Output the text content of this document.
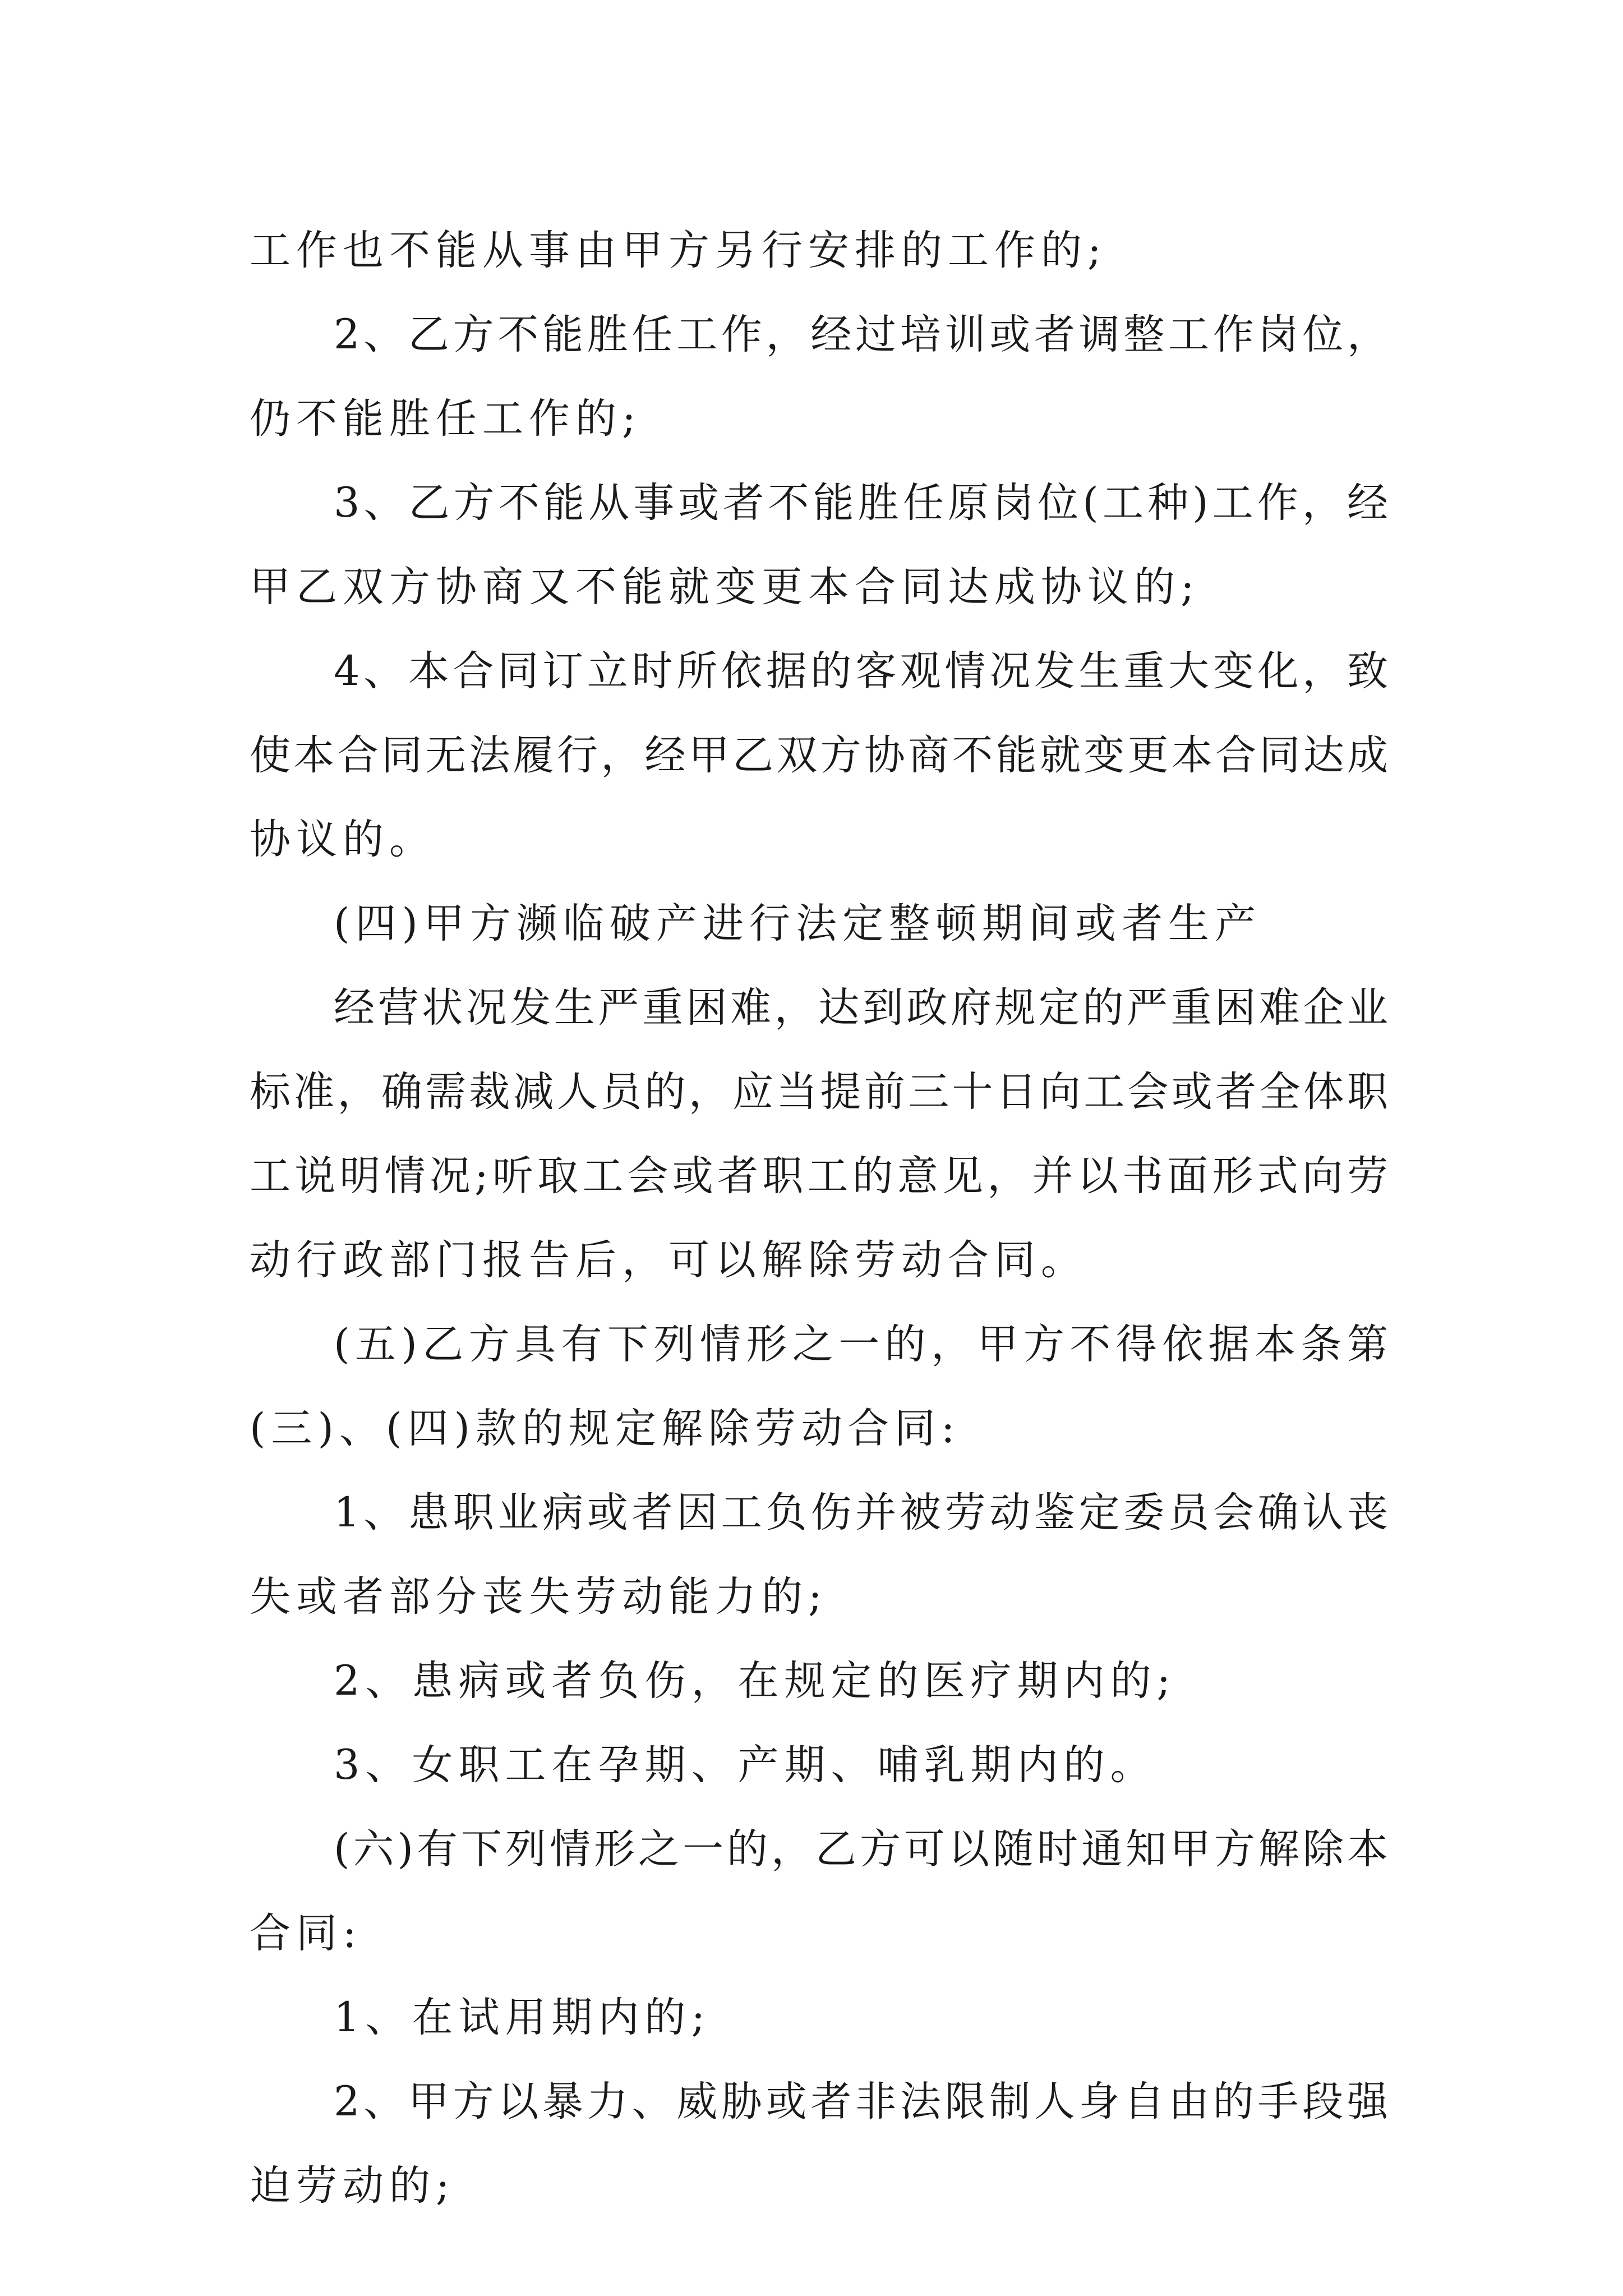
工作也不能从事由甲方另行安排的工作的;
2、乙方不能胜任工作，经过培训或者调整工作岗位，
仍不能胜任工作的;
3、乙方不能从事或者不能胜任原岗位(工种)工作，经
甲乙双方协商又不能就变更本合同达成协议的;
4、本合同订立时所依据的客观情况发生重大变化，致
使本合同无法履行，经甲乙双方协商不能就变更本合同达成
协议的。
(四)甲方濒临破产进行法定整顿期间或者生产
经营状况发生严重困难，达到政府规定的严重困难企业
标准，确需裁减人员的，应当提前三十日向工会或者全体职
工说明情况;听取工会或者职工的意见，并以书面形式向劳
动行政部门报告后，可以解除劳动合同。
(五)乙方具有下列情形之一的，甲方不得依据本条第
(三)、(四)款的规定解除劳动合同:
1、患职业病或者因工负伤并被劳动鉴定委员会确认丧
失或者部分丧失劳动能力的;
2、患病或者负伤，在规定的医疗期内的;
3、女职工在孕期、产期、哺乳期内的。
(六)有下列情形之一的，乙方可以随时通知甲方解除本
合同:
1、在试用期内的;
2、甲方以暴力、威胁或者非法限制人身自由的手段强
迫劳动的;
